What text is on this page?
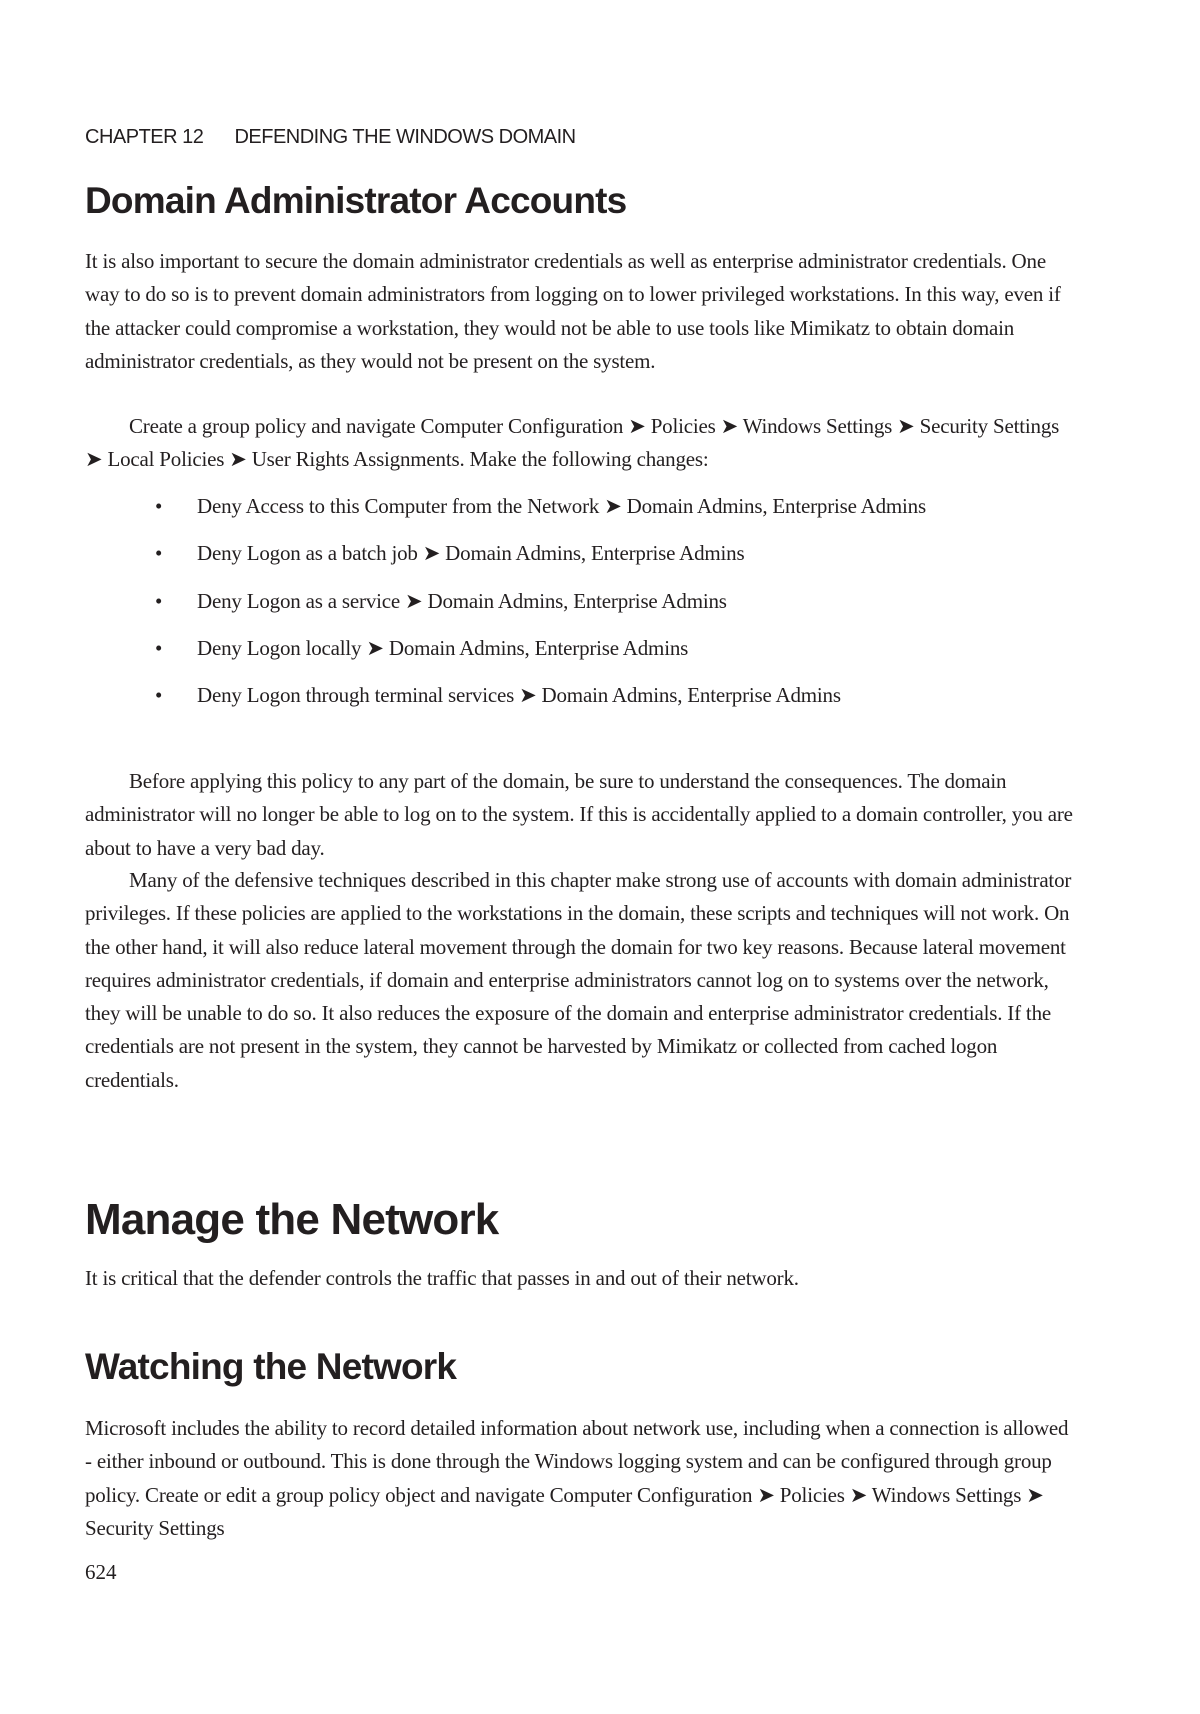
CHAPTER 12 DEFENDING THE WINDOWS DOMAIN
Domain Administrator Accounts

It is also important to secure the domain administrator credentials as well as enterprise administrator credentials. One way to do so is to prevent domain administrators from logging on to lower privileged workstations. In this way, even if the attacker could compromise a workstation, they would not be able to use tools like Mimikatz to obtain domain administrator credentials, as they would not be present on the system.

Create a group policy and navigate Computer Configuration ➤ Policies ➤ Windows Settings ➤ Security Settings ➤ Local Policies ➤ User Rights Assignments. Make the following changes:

• Deny Access to this Computer from the Network ➤ Domain Admins, Enterprise Admins
• Deny Logon as a batch job ➤ Domain Admins, Enterprise Admins
• Deny Logon as a service ➤ Domain Admins, Enterprise Admins
• Deny Logon locally ➤ Domain Admins, Enterprise Admins
• Deny Logon through terminal services ➤ Domain Admins, Enterprise Admins

Before applying this policy to any part of the domain, be sure to understand the consequences. The domain administrator will no longer be able to log on to the system. If this is accidentally applied to a domain controller, you are about to have a very bad day.

Many of the defensive techniques described in this chapter make strong use of accounts with domain administrator privileges. If these policies are applied to the workstations in the domain, these scripts and techniques will not work. On the other hand, it will also reduce lateral movement through the domain for two key reasons. Because lateral movement requires administrator credentials, if domain and enterprise administrators cannot log on to systems over the network, they will be unable to do so. It also reduces the exposure of the domain and enterprise administrator credentials. If the credentials are not present in the system, they cannot be harvested by Mimikatz or collected from cached logon credentials.

Manage the Network

It is critical that the defender controls the traffic that passes in and out of their network.

Watching the Network

Microsoft includes the ability to record detailed information about network use, including when a connection is allowed - either inbound or outbound. This is done through the Windows logging system and can be configured through group policy. Create or edit a group policy object and navigate Computer Configuration ➤ Policies ➤ Windows Settings ➤ Security Settings

624
